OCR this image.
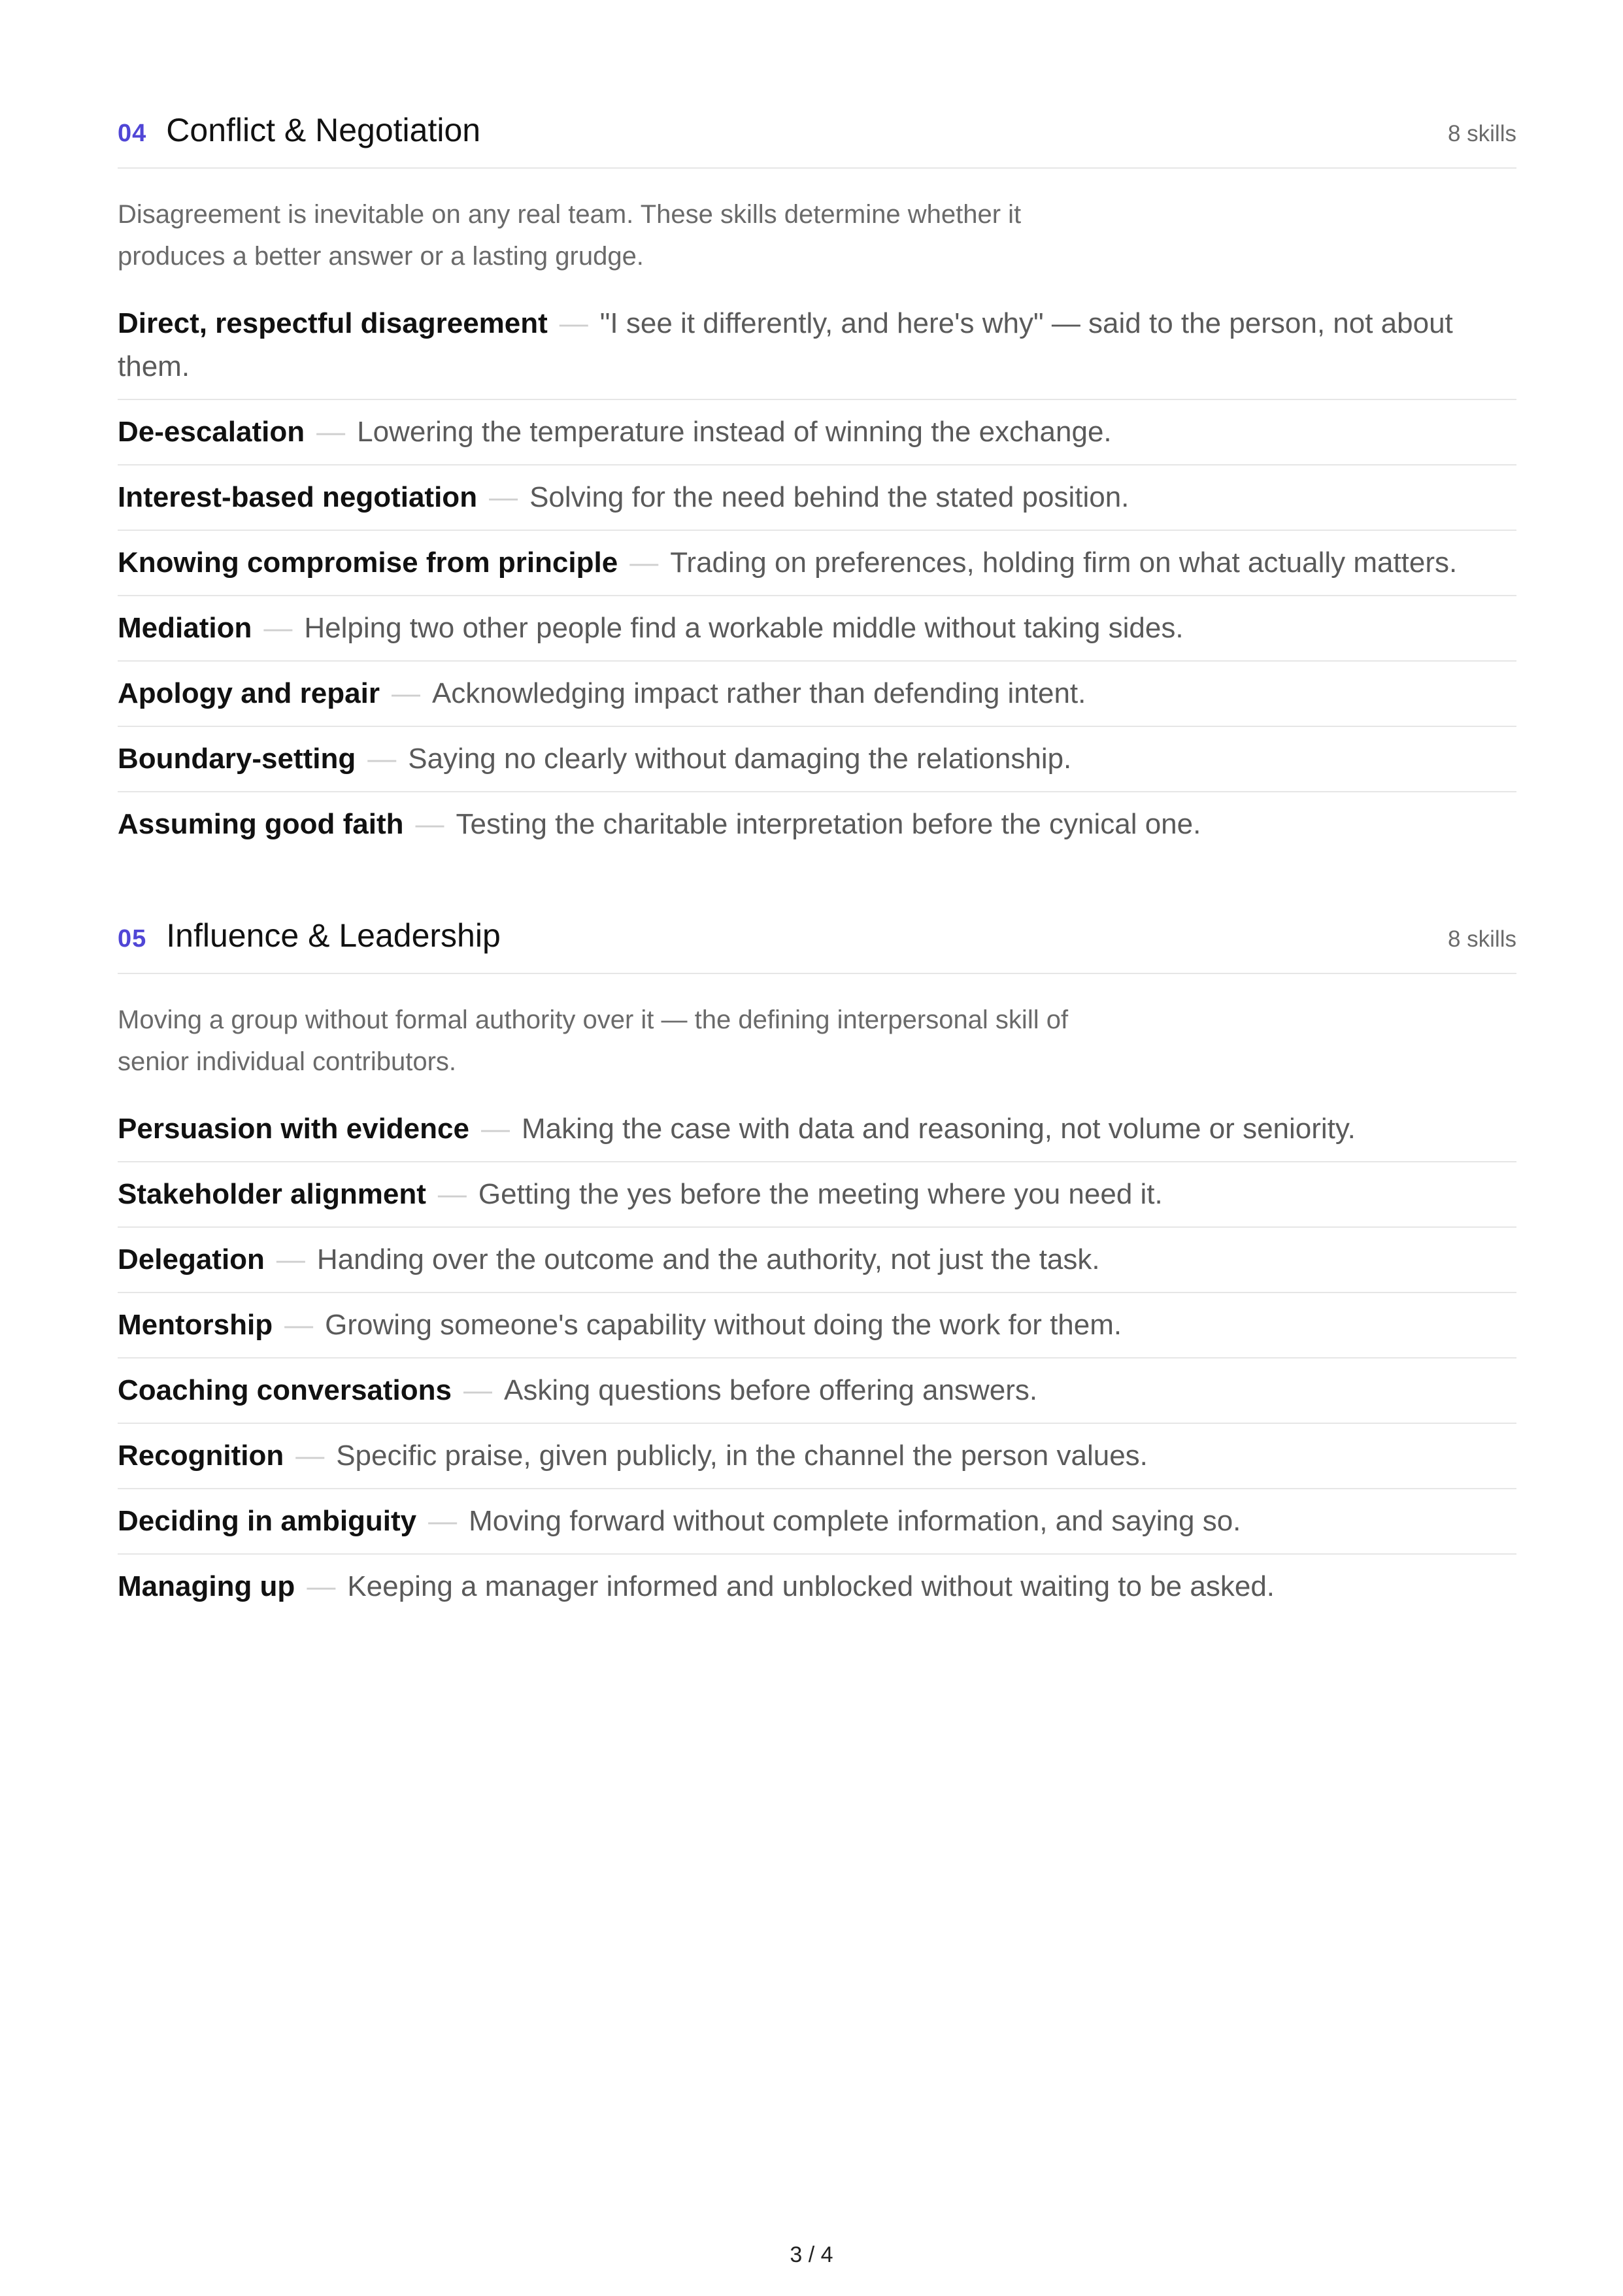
04 Conflict & Negotiation	8 skills
Disagreement is inevitable on any real team. These skills determine whether it produces a better answer or a lasting grudge.
Direct, respectful disagreement — "I see it differently, and here's why" — said to the person, not about them.
De-escalation — Lowering the temperature instead of winning the exchange.
Interest-based negotiation — Solving for the need behind the stated position.
Knowing compromise from principle — Trading on preferences, holding firm on what actually matters.
Mediation — Helping two other people find a workable middle without taking sides.
Apology and repair — Acknowledging impact rather than defending intent.
Boundary-setting — Saying no clearly without damaging the relationship.
Assuming good faith — Testing the charitable interpretation before the cynical one.
05 Influence & Leadership	8 skills
Moving a group without formal authority over it — the defining interpersonal skill of senior individual contributors.
Persuasion with evidence — Making the case with data and reasoning, not volume or seniority.
Stakeholder alignment — Getting the yes before the meeting where you need it.
Delegation — Handing over the outcome and the authority, not just the task.
Mentorship — Growing someone's capability without doing the work for them.
Coaching conversations — Asking questions before offering answers.
Recognition — Specific praise, given publicly, in the channel the person values.
Deciding in ambiguity — Moving forward without complete information, and saying so.
Managing up — Keeping a manager informed and unblocked without waiting to be asked.
3 / 4
